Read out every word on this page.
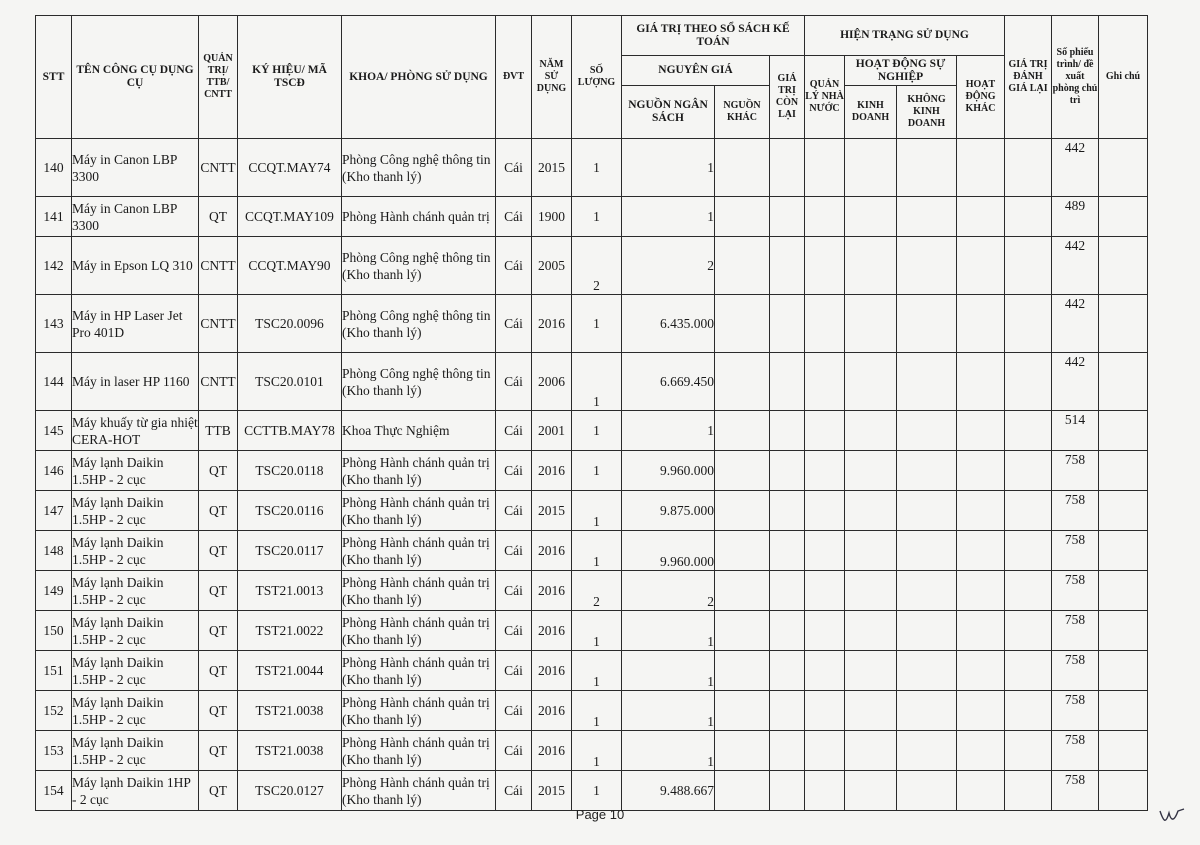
STT	TÊN CÔNG CỤ DỤNG CỤ	QUẢN TRỊ/ TTB/ CNTT	KÝ HIỆU/ MÃ TSCĐ	KHOA/ PHÒNG SỬ DỤNG	ĐVT	NĂM SỬ DỤNG	SỐ LƯỢNG	GIÁ TRỊ THEO SỔ SÁCH KẾ TOÁN			HIỆN TRẠNG SỬ DỤNG				GIÁ TRỊ ĐÁNH GIÁ LẠI	Số phiếu trình/ đề xuất phòng chủ trì	Ghi chú
								NGUYÊN GIÁ		GIÁ TRỊ CÒN LẠI	QUẢN LÝ NHÀ NƯỚC	HOẠT ĐỘNG SỰ NGHIỆP		HOẠT ĐỘNG KHÁC			
								NGUỒN NGÂN SÁCH	NGUỒN KHÁC			KINH DOANH	KHÔNG KINH DOANH				
140	Máy in Canon LBP 3300	CNTT	CCQT.MAY74	Phòng Công nghệ thông tin (Kho thanh lý)	Cái	2015	1	1								442	
141	Máy in Canon LBP 3300	QT	CCQT.MAY109	Phòng Hành chánh quản trị	Cái	1900	1	1								489	
142	Máy in Epson LQ 310	CNTT	CCQT.MAY90	Phòng Công nghệ thông tin (Kho thanh lý)	Cái	2005	2	2								442	
143	Máy in HP Laser Jet Pro 401D	CNTT	TSC20.0096	Phòng Công nghệ thông tin (Kho thanh lý)	Cái	2016	1	6.435.000								442	
144	Máy in laser HP 1160	CNTT	TSC20.0101	Phòng Công nghệ thông tin (Kho thanh lý)	Cái	2006	1	6.669.450								442	
145	Máy khuấy từ gia nhiệt CERA-HOT	TTB	CCTTB.MAY78	Khoa Thực Nghiệm	Cái	2001	1	1								514	
146	Máy lạnh Daikin 1.5HP - 2 cục	QT	TSC20.0118	Phòng Hành chánh quản trị (Kho thanh lý)	Cái	2016	1	9.960.000								758	
147	Máy lạnh Daikin 1.5HP - 2 cục	QT	TSC20.0116	Phòng Hành chánh quản trị (Kho thanh lý)	Cái	2015	1	9.875.000								758	
148	Máy lạnh Daikin 1.5HP - 2 cục	QT	TSC20.0117	Phòng Hành chánh quản trị (Kho thanh lý)	Cái	2016	1	9.960.000								758	
149	Máy lạnh Daikin 1.5HP - 2 cục	QT	TST21.0013	Phòng Hành chánh quản trị (Kho thanh lý)	Cái	2016	2	2								758	
150	Máy lạnh Daikin 1.5HP - 2 cục	QT	TST21.0022	Phòng Hành chánh quản trị (Kho thanh lý)	Cái	2016	1	1								758	
151	Máy lạnh Daikin 1.5HP - 2 cục	QT	TST21.0044	Phòng Hành chánh quản trị (Kho thanh lý)	Cái	2016	1	1								758	
152	Máy lạnh Daikin 1.5HP - 2 cục	QT	TST21.0038	Phòng Hành chánh quản trị (Kho thanh lý)	Cái	2016	1	1								758	
153	Máy lạnh Daikin 1.5HP - 2 cục	QT	TST21.0038	Phòng Hành chánh quản trị (Kho thanh lý)	Cái	2016	1	1								758	
154	Máy lạnh Daikin 1HP - 2 cục	QT	TSC20.0127	Phòng Hành chánh quản trị (Kho thanh lý)	Cái	2015	1	9.488.667								758	
Page 10
